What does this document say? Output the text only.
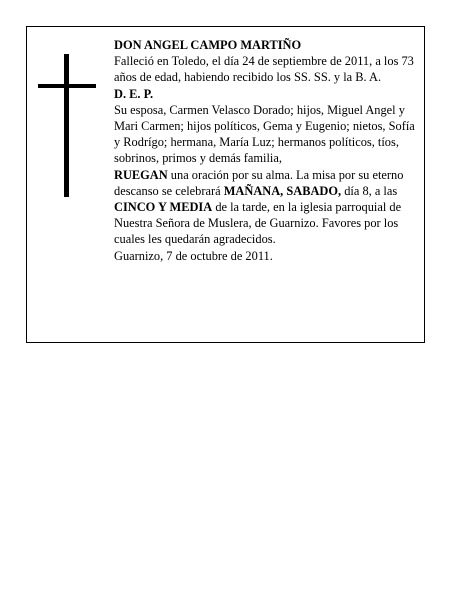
DON ANGEL CAMPO MARTIÑO

Falleció en Toledo, el día 24 de septiembre de 2011, a los 73 años de edad, habiendo recibido los SS. SS. y la B. A.

D. E. P.

Su esposa, Carmen Velasco Dorado; hijos, Miguel Angel y Mari Carmen; hijos políticos, Gema y Eugenio; nietos, Sofía y Rodrígo; hermana, María Luz; hermanos políticos, tíos, sobrinos, primos y demás familia,

RUEGAN una oración por su alma. La misa por su eterno descanso se celebrará MAÑANA, SABADO, día 8, a las CINCO Y MEDIA de la tarde, en la iglesia parroquial de Nuestra Señora de Muslera, de Guarnizo. Favores por los cuales les quedarán agradecidos.

Guarnizo, 7 de octubre de 2011.
